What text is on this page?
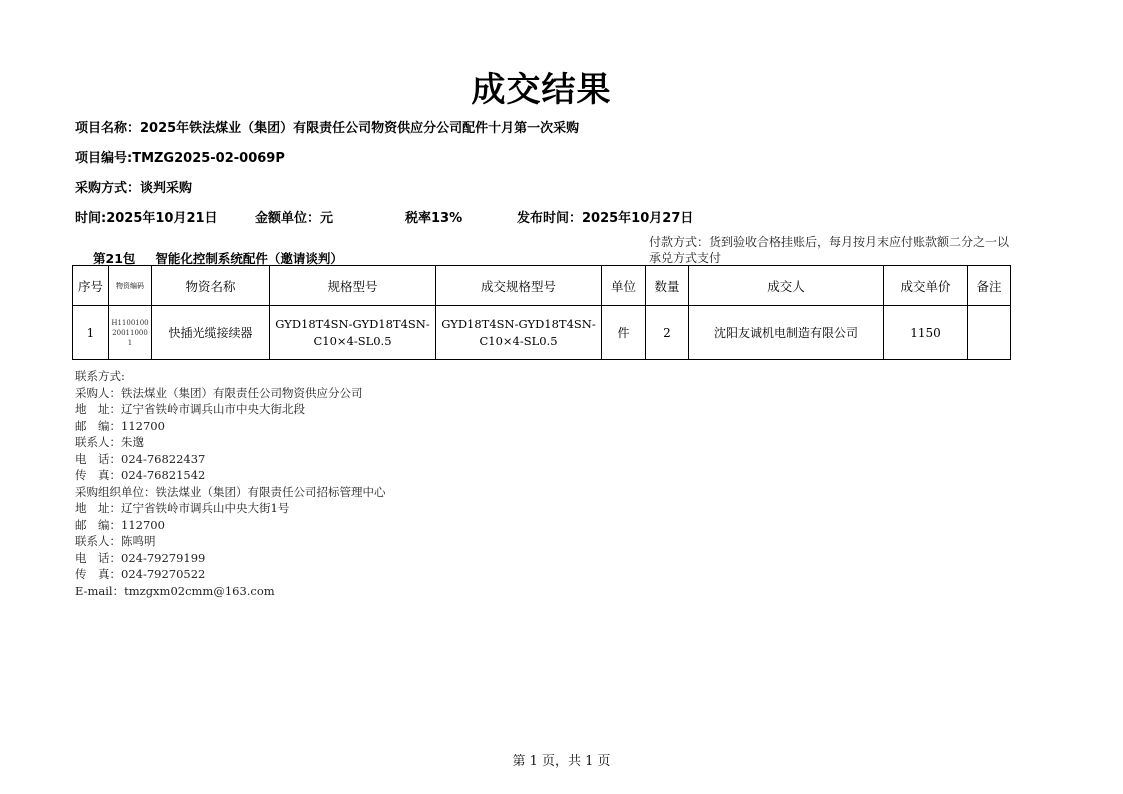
成交结果
项目名称：2025年铁法煤业（集团）有限责任公司物资供应分公司配件十月第一次采购
项目编号:TMZG2025-02-0069P
采购方式：谈判采购
时间:2025年10月21日	金额单位：元	税率13%	发布时间：2025年10月27日
第21包 智能化控制系统配件（邀请谈判）
付款方式：货到验收合格挂账后，每月按月末应付账款额二分之一以承兑方式支付
序号	物资编码	物资名称	规格型号	成交规格型号	单位	数量	成交人	成交单价	备注
1	H1100100200110001	快插光缆接续器	GYD18T4SN-GYD18T4SN-C10×4-SL0.5	GYD18T4SN-GYD18T4SN-C10×4-SL0.5	件	2	沈阳友诚机电制造有限公司	1150	
联系方式:
采购人：铁法煤业（集团）有限责任公司物资供应分公司
地　址：辽宁省铁岭市调兵山市中央大街北段
邮　编：112700
联系人：朱邈
电　话：024-76822437
传　真：024-76821542
采购组织单位：铁法煤业（集团）有限责任公司招标管理中心
地　址：辽宁省铁岭市调兵山中央大街1号
邮　编：112700
联系人：陈鸣明
电　话：024-79279199
传　真：024-79270522
E-mail：tmzgxm02cmm@163.com
第 1 页，共 1 页
